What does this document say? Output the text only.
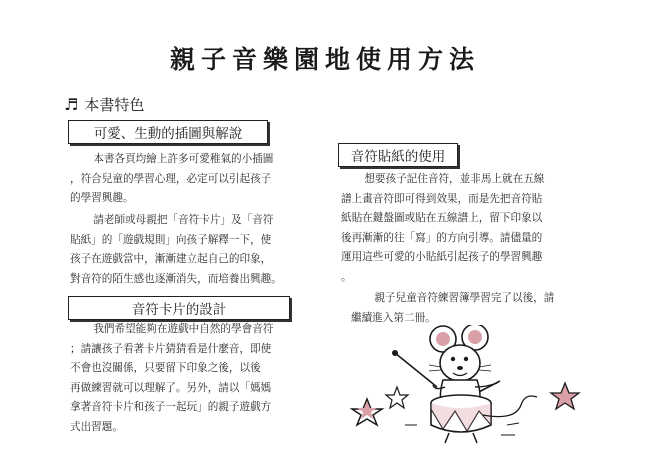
親子音樂園地使用方法
♬ 本書特色
可愛、生動的插圖與解說
本書各頁均繪上許多可愛稚氣的小插圖
，符合兒童的學習心理，必定可以引起孩子
的學習興趣。
請老師或母親把「音符卡片」及「音符
貼紙」的「遊戲規則」向孩子解釋一下，使
孩子在遊戲當中，漸漸建立起自己的印象，
對音符的陌生感也逐漸消失，而培養出興趣。
音符卡片的設計
我們希望能夠在遊戲中自然的學會音符
；請讓孩子看著卡片猜猜看是什麼音，即使
不會也沒關係，只要留下印象之後，以後
再做練習就可以理解了。另外，請以「媽媽
拿著音符卡片和孩子一起玩」的親子遊戲方
式出習題。
音符貼紙的使用
想要孩子記住音符，並非馬上就在五線
譜上畫音符即可得到效果，而是先把音符貼
紙貼在鍵盤圖或貼在五線譜上，留下印象以
後再漸漸的往「寫」的方向引導。請儘量的
運用這些可愛的小貼紙引起孩子的學習興趣
。
親子兒童音符練習簿學習完了以後，請
繼續進入第二冊。
